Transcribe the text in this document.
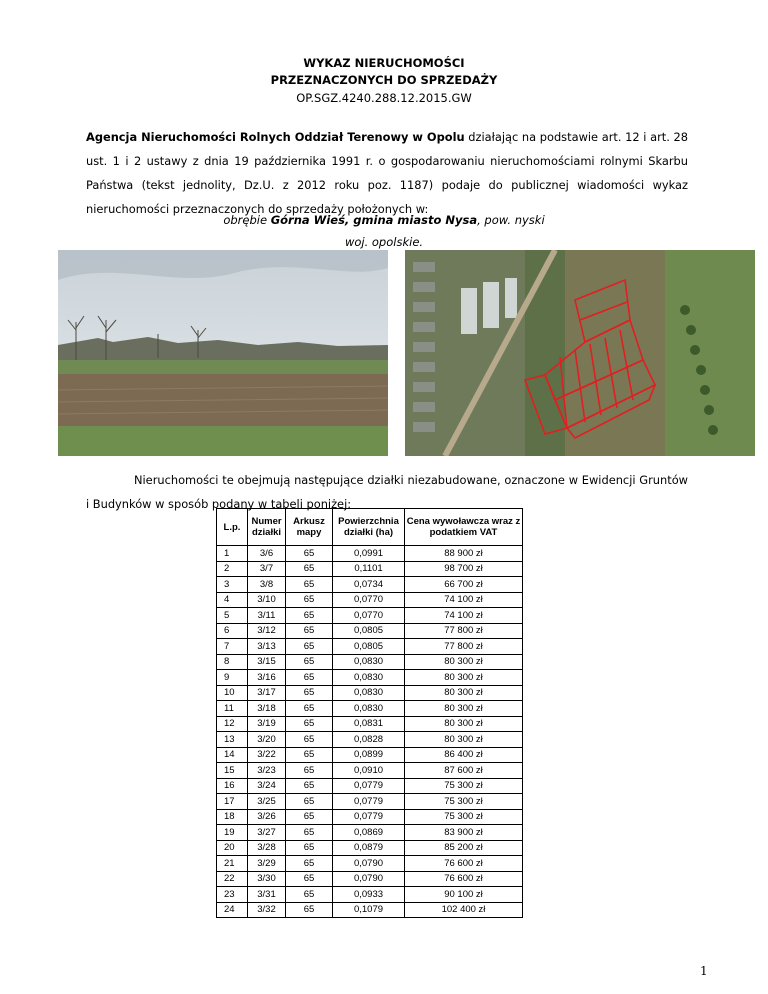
WYKAZ NIERUCHOMOŚCI
PRZEZNACZONYCH DO SPRZEDAŻY
OP.SGZ.4240.288.12.2015.GW
Agencja Nieruchomości Rolnych Oddział Terenowy w Opolu działając na podstawie art. 12 i art. 28 ust. 1 i 2 ustawy z dnia 19 października 1991 r. o gospodarowaniu nieruchomościami rolnymi Skarbu Państwa (tekst jednolity, Dz.U. z 2012 roku poz. 1187) podaje do publicznej wiadomości wykaz nieruchomości przeznaczonych do sprzedaży położonych w:
obrębie Górna Wieś, gmina miasto Nysa, pow. nyski
woj. opolskie.
Nieruchomości te obejmują następujące działki niezabudowane, oznaczone w Ewidencji Gruntów i Budynków w sposób podany w tabeli poniżej:
L.p.	Numer działki	Arkusz mapy	Powierzchnia działki (ha)	Cena wywoławcza wraz z podatkiem VAT
1	3/6	65	0,0991	88 900 zł
2	3/7	65	0,1101	98 700 zł
3	3/8	65	0,0734	66 700 zł
4	3/10	65	0,0770	74 100 zł
5	3/11	65	0,0770	74 100 zł
6	3/12	65	0,0805	77 800 zł
7	3/13	65	0,0805	77 800 zł
8	3/15	65	0,0830	80 300 zł
9	3/16	65	0,0830	80 300 zł
10	3/17	65	0,0830	80 300 zł
11	3/18	65	0,0830	80 300 zł
12	3/19	65	0,0831	80 300 zł
13	3/20	65	0,0828	80 300 zł
14	3/22	65	0,0899	86 400 zł
15	3/23	65	0,0910	87 600 zł
16	3/24	65	0,0779	75 300 zł
17	3/25	65	0,0779	75 300 zł
18	3/26	65	0,0779	75 300 zł
19	3/27	65	0,0869	83 900 zł
20	3/28	65	0,0879	85 200 zł
21	3/29	65	0,0790	76 600 zł
22	3/30	65	0,0790	76 600 zł
23	3/31	65	0,0933	90 100 zł
24	3/32	65	0,1079	102 400 zł
1
